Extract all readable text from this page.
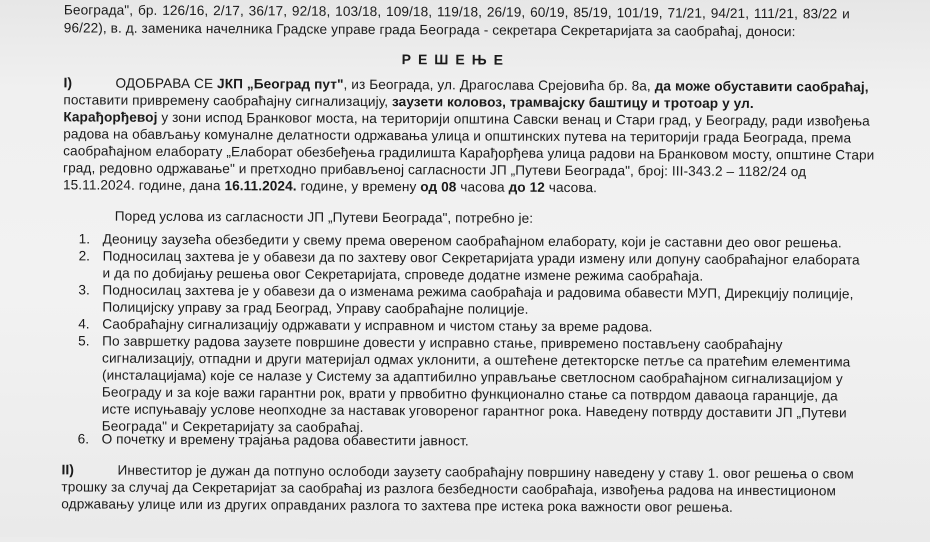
Београда", бр. 126/16, 2/17, 36/17, 92/18, 103/18, 109/18, 119/18, 26/19, 60/19, 85/19, 101/19, 71/21, 94/21, 111/21, 83/22 и
96/22), в. д. заменика начелника Градске управе града Београда - секретара Секретаријата за саобраћај, доноси:
РЕШЕЊЕ
I)	ОДОБРАВА СЕ ЈКП „Београд пут", из Београда, ул. Драгослава Срејовића бр. 8а, да може обуставити саобраћај,
поставити привремену саобраћајну сигнализацију, заузети коловоз, трамвајску баштицу и тротоар у ул.
Карађорђевој у зони испод Бранковог моста, на територији општина Савски венац и Стари град, у Београду, ради извођења
радова на обављању комуналне делатности одржавања улица и општинских путева на територији града Београда, према
саобраћајном елаборату „Елаборат обезбеђења градилишта Карађорђева улица радови на Бранковом мосту, општине Стари
град, редовно одржавање" и претходно прибављеној сагласности ЈП „Путеви Београда", број: III-343.2 – 1182/24 од
15.11.2024. године, дана 16.11.2024. године, у времену од 08 часова до 12 часова.
Поред услова из сагласности ЈП „Путеви Београда", потребно је:
1. Деоницу заузећа обезбедити у свему према овереном саобраћајном елаборату, који је саставни део овог решења.
2. Подносилац захтева је у обавези да по захтеву овог Секретаријата уради измену или допуну саобраћајног елабората
и да по добијању решења овог Секретаријата, спроведе додатне измене режима саобраћаја.
3. Подносилац захтева је у обавези да о изменама режима саобраћаја и радовима обавести МУП, Дирекцију полиције,
Полицијску управу за град Београд, Управу саобраћајне полиције.
4. Саобраћајну сигнализацију одржавати у исправном и чистом стању за време радова.
5. По завршетку радова заузете површине довести у исправно стање, привремено постављену саобраћајну
сигнализацију, отпадни и други материјал одмах уклонити, а оштећене детекторске петље са пратећим елементима
(инсталацијама) које се налазе у Систему за адаптибилно управљање светлосном саобраћајном сигнализацијом у
Београду и за које важи гарантни рок, врати у првобитно функционално стање са потврдом даваоца гаранције, да
исте испуњавају услове неопходне за наставак уговореног гарантног рока. Наведену потврду доставити ЈП „Путеви
Београда" и Секретаријату за саобраћај.
6. О почетку и времену трајања радова обавестити јавност.
II)	Инвеститор је дужан да потпуно ослободи заузету саобраћајну површину наведену у ставу 1. овог решења о свом
трошку за случај да Секретаријат за саобраћај из разлога безбедности саобраћаја, извођења радова на инвестиционом
одржавању улице или из других оправданих разлога то захтева пре истека рока важности овог решења.
